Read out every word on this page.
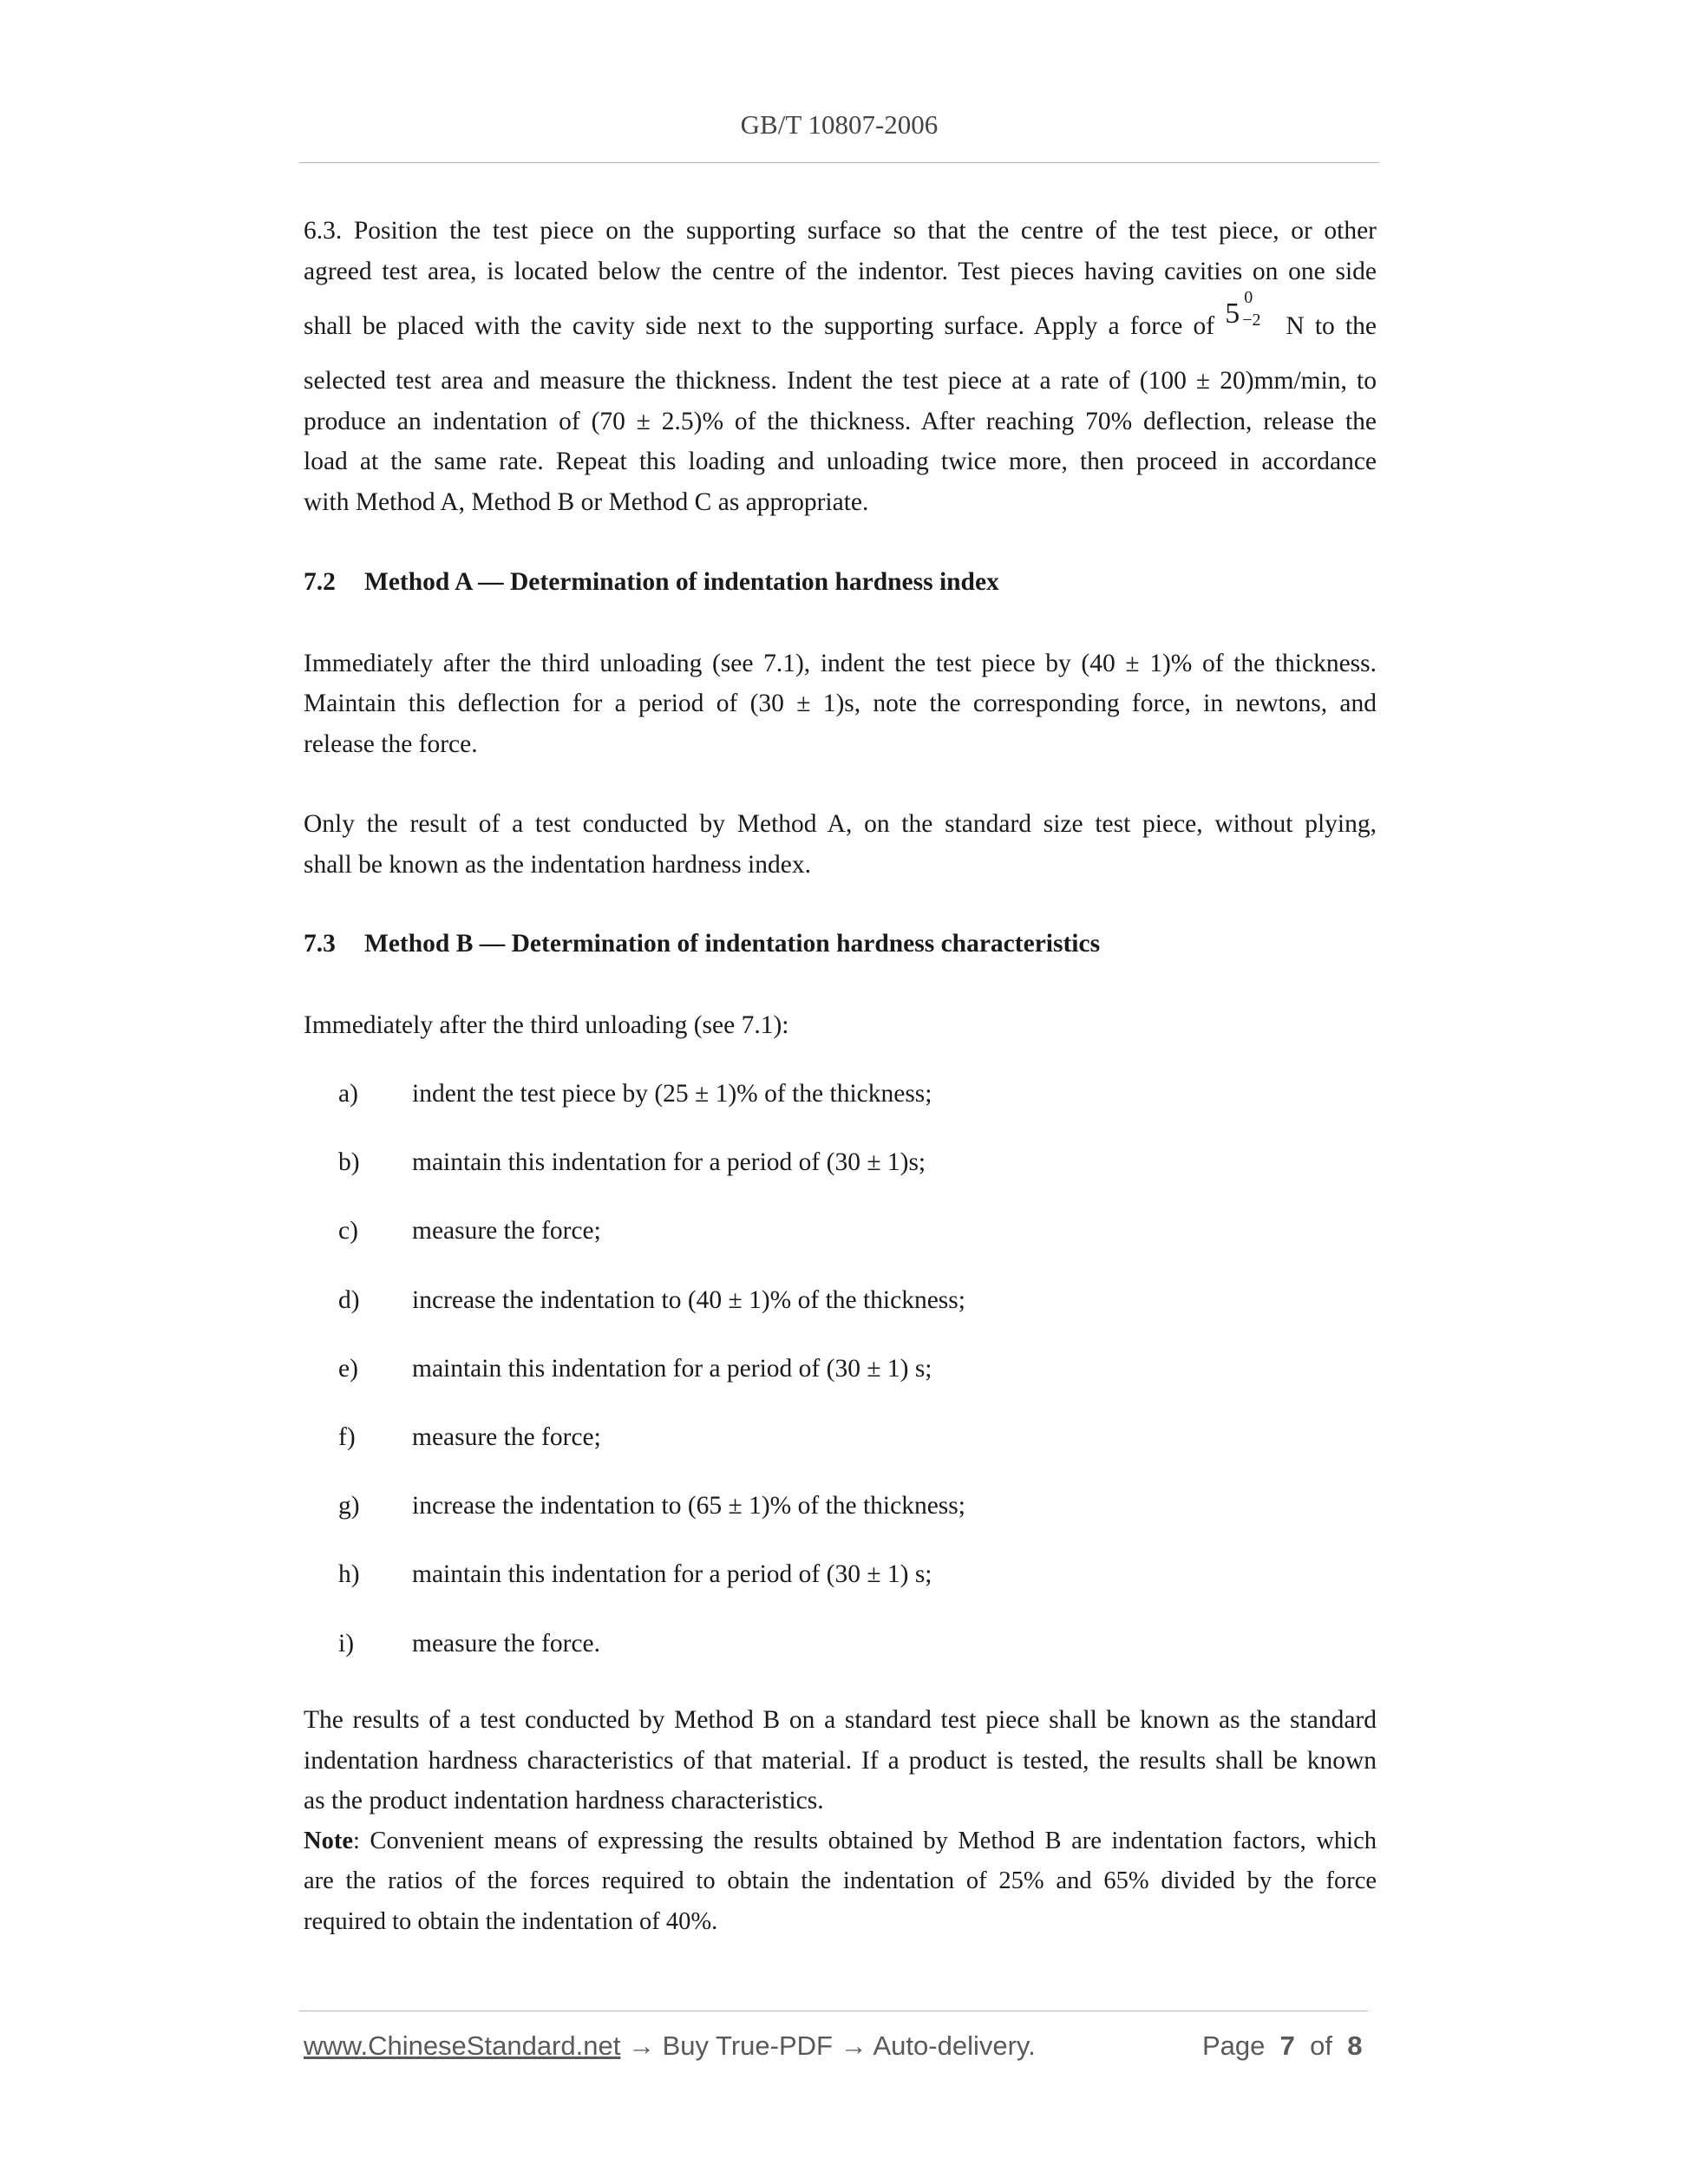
GB/T 10807-2006
6.3. Position the test piece on the supporting surface so that the centre of the test piece, or other
agreed test area, is located below the centre of the indentor. Test pieces having cavities on one side
shall be placed with the cavity side next to the supporting surface. Apply a force of 5 0
−2 N to the
selected test area and measure the thickness. Indent the test piece at a rate of (100 ± 20)mm/min, to
produce an indentation of (70 ± 2.5)% of the thickness. After reaching 70% deflection, release the
load at the same rate. Repeat this loading and unloading twice more, then proceed in accordance
with Method A, Method B or Method C as appropriate.
7.2 Method A — Determination of indentation hardness index
Immediately after the third unloading (see 7.1), indent the test piece by (40 ± 1)% of the thickness.
Maintain this deflection for a period of (30 ± 1)s, note the corresponding force, in newtons, and
release the force.
Only the result of a test conducted by Method A, on the standard size test piece, without plying,
shall be known as the indentation hardness index.
7.3 Method B — Determination of indentation hardness characteristics
Immediately after the third unloading (see 7.1):
a) indent the test piece by (25 ± 1)% of the thickness;
b) maintain this indentation for a period of (30 ± 1)s;
c) measure the force;
d) increase the indentation to (40 ± 1)% of the thickness;
e) maintain this indentation for a period of (30 ± 1) s;
f) measure the force;
g) increase the indentation to (65 ± 1)% of the thickness;
h) maintain this indentation for a period of (30 ± 1) s;
i) measure the force.
The results of a test conducted by Method B on a standard test piece shall be known as the standard
indentation hardness characteristics of that material. If a product is tested, the results shall be known
as the product indentation hardness characteristics.
Note: Convenient means of expressing the results obtained by Method B are indentation factors, which
are the ratios of the forces required to obtain the indentation of 25% and 65% divided by the force
required to obtain the indentation of 40%.
www.ChineseStandard.net → Buy True-PDF → Auto-delivery.	Page 7 of 8
